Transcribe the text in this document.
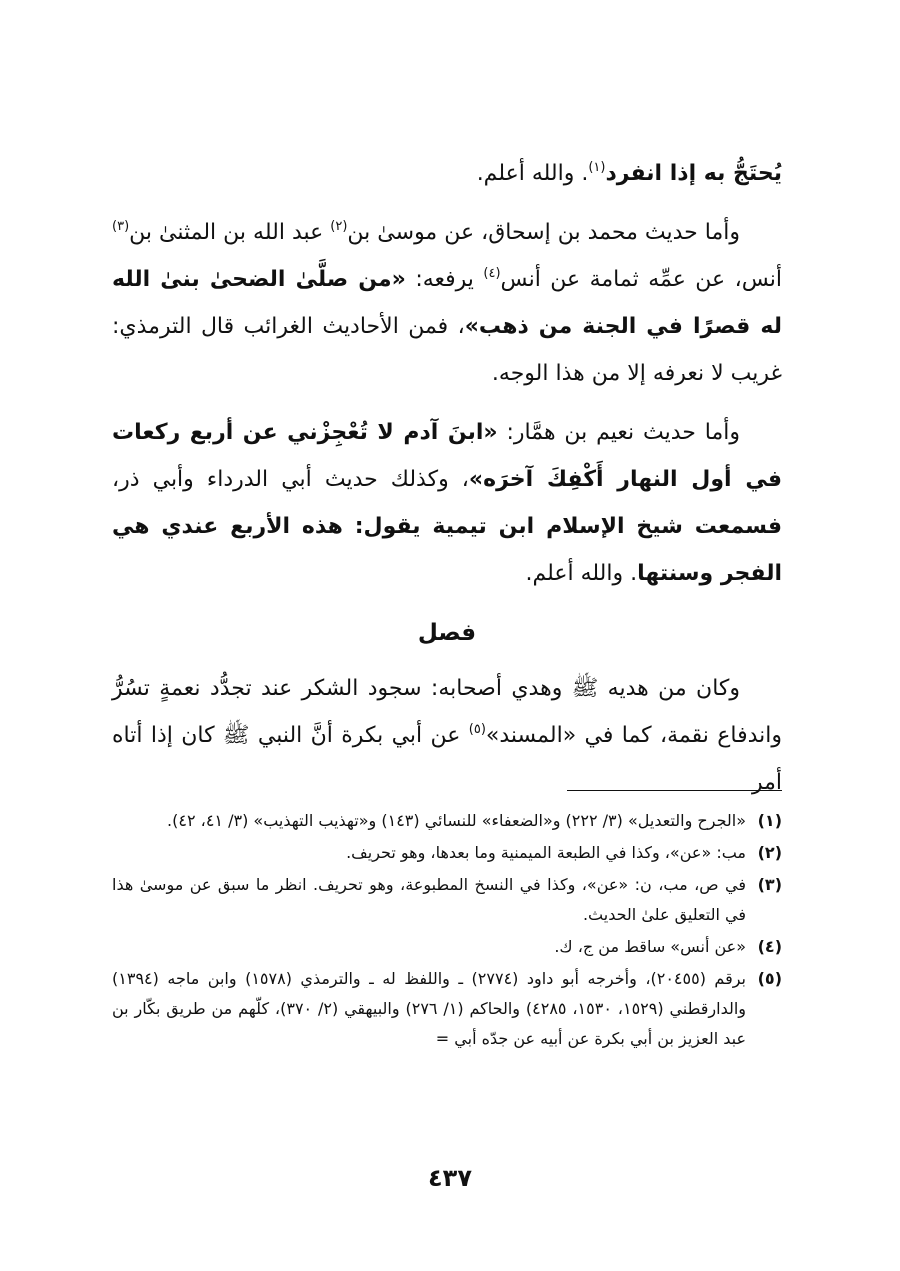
يُحتَجُّ به إذا انفرد$^{(١)}$. والله أعلم.

وأما حديث محمد بن إسحاق، عن موسىٰ بن$^{(٢)}$ عبد الله بن المثنىٰ بن$^{(٣)}$ أنس، عن عمِّه ثمامة عن أنس$^{(٤)}$ يرفعه: «من صلَّىٰ الضحىٰ بنىٰ الله له قصرًا في الجنة من ذهب»، فمن الأحاديث الغرائب قال الترمذي: غريب لا نعرفه إلا من هذا الوجه.

وأما حديث نعيم بن همَّار: «ابنَ آدم لا تُعْجِزْني عن أربع ركعات في أول النهار أَكْفِكَ آخرَه»، وكذلك حديث أبي الدرداء وأبي ذر، فسمعت شيخ الإسلام ابن تيمية يقول: هذه الأربع عندي هي الفجر وسنتها. والله أعلم.

فصل

وكان من هديه ﷺ وهدي أصحابه: سجود الشكر عند تجدُّد نعمةٍ تسُرُّ واندفاع نقمة، كما في «المسند»$^{(٥)}$ عن أبي بكرة أنَّ النبي ﷺ كان إذا أتاه أمر

(١)
«الجرح والتعديل» (٣/ ٢٢٢) و«الضعفاء» للنسائي (١٤٣) و«تهذيب التهذيب» (٣/ ٤١، ٤٢).
(٢)
مب: «عن»، وكذا في الطبعة الميمنية وما بعدها، وهو تحريف.
(٣)
في ص، مب، ن: «عن»، وكذا في النسخ المطبوعة، وهو تحريف. انظر ما سبق عن موسىٰ هذا في التعليق علىٰ الحديث.
(٤)
«عن أنس» ساقط من ج، ك.
(٥)
برقم (٢٠٤٥٥)، وأخرجه أبو داود (٢٧٧٤) ـ واللفظ له ـ والترمذي (١٥٧٨) وابن ماجه (١٣٩٤) والدارقطني (١٥٢٩، ١٥٣٠، ٤٢٨٥) والحاكم (١/ ٢٧٦) والبيهقي (٢/ ٣٧٠)، كلّهم من طريق بكّار بن عبد العزيز بن أبي بكرة عن أبيه عن جدّه أبي =
٤٣٧
